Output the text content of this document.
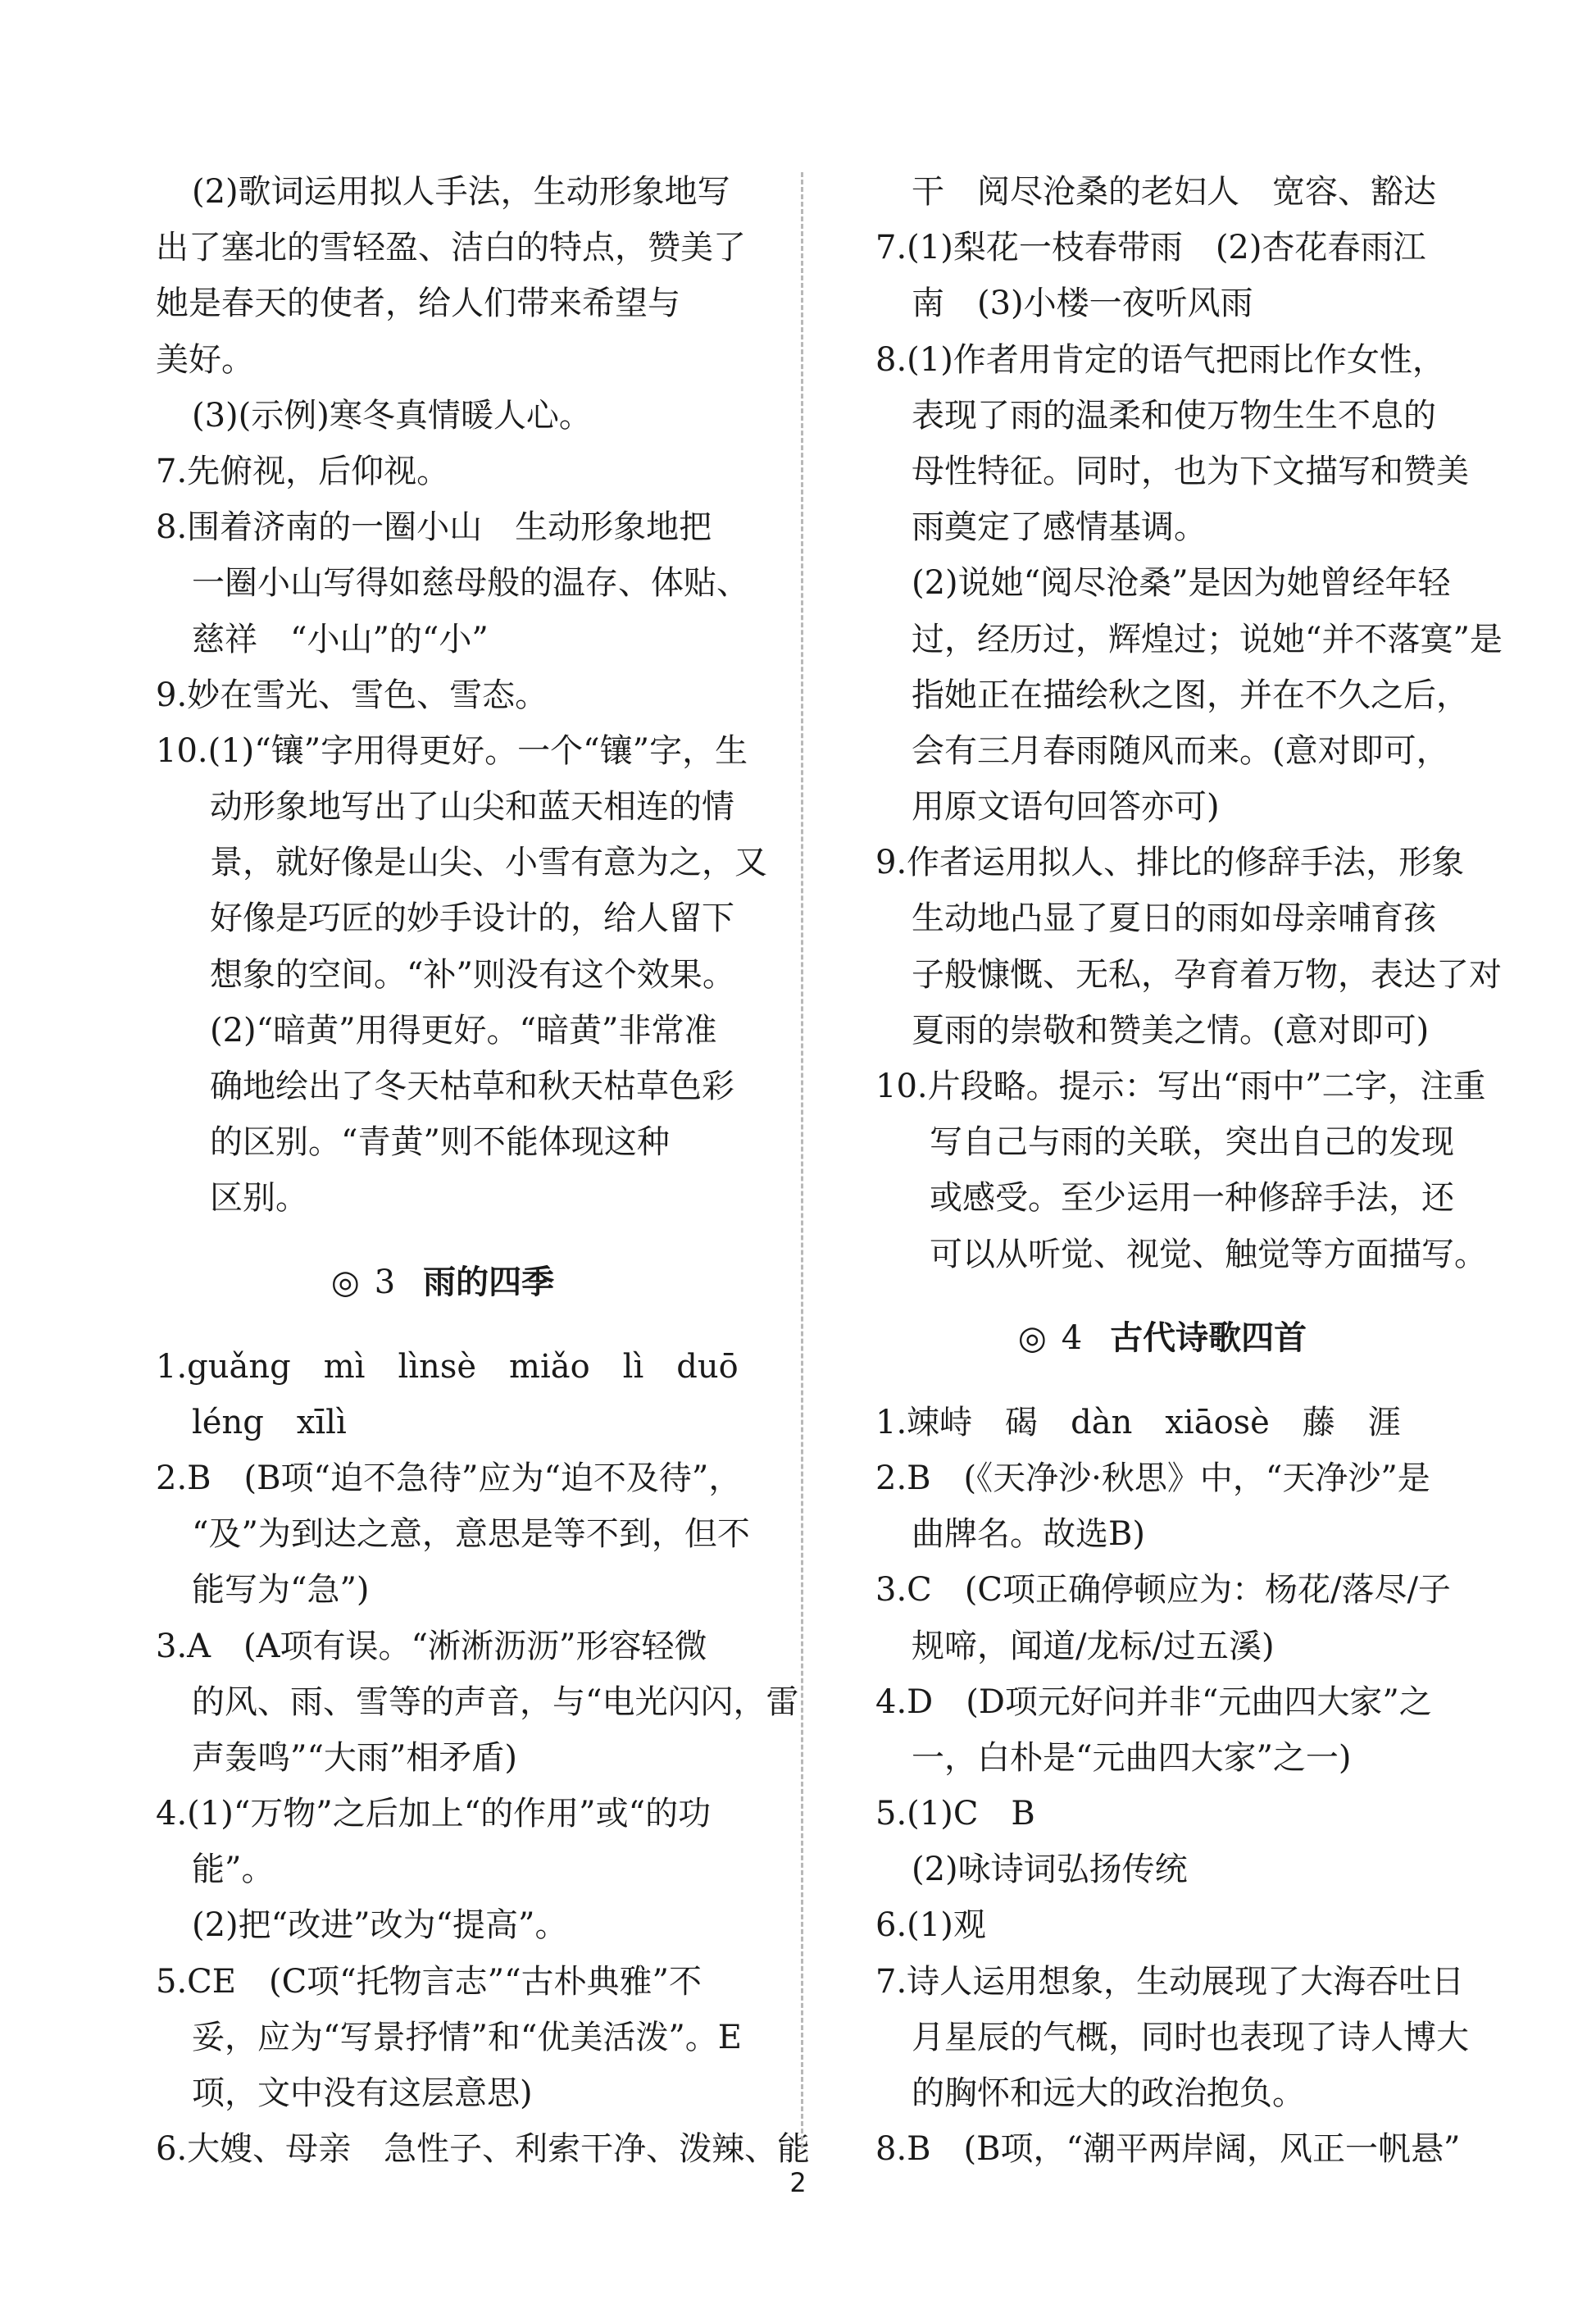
(2)歌词运用拟人手法，生动形象地写
出了塞北的雪轻盈、洁白的特点，赞美了
她是春天的使者，给人们带来希望与
美好。
(3)(示例)寒冬真情暖人心。
7.先俯视，后仰视。
8.围着济南的一圈小山　生动形象地把
一圈小山写得如慈母般的温存、体贴、
慈祥　“小山”的“小”
9.妙在雪光、雪色、雪态。
10.(1)“镶”字用得更好。一个“镶”字，生
动形象地写出了山尖和蓝天相连的情
景，就好像是山尖、小雪有意为之，又
好像是巧匠的妙手设计的，给人留下
想象的空间。“补”则没有这个效果。
(2)“暗黄”用得更好。“暗黄”非常准
确地绘出了冬天枯草和秋天枯草色彩
的区别。“青黄”则不能体现这种
区别。
◎ 3 雨的四季
1.guǎng　mì　lìnsè　miǎo　lì　duō
léng　xīlì
2.B　(B项“迫不急待”应为“迫不及待”，
“及”为到达之意，意思是等不到，但不
能写为“急”)
3.A　(A项有误。“淅淅沥沥”形容轻微
的风、雨、雪等的声音，与“电光闪闪，雷
声轰鸣”“大雨”相矛盾)
4.(1)“万物”之后加上“的作用”或“的功
能”。
(2)把“改进”改为“提高”。
5.CE　(C项“托物言志”“古朴典雅”不
妥，应为“写景抒情”和“优美活泼”。E
项，文中没有这层意思)
6.大嫂、母亲　急性子、利索干净、泼辣、能
干　阅尽沧桑的老妇人　宽容、豁达
7.(1)梨花一枝春带雨　(2)杏花春雨江
南　(3)小楼一夜听风雨
8.(1)作者用肯定的语气把雨比作女性，
表现了雨的温柔和使万物生生不息的
母性特征。同时，也为下文描写和赞美
雨奠定了感情基调。
(2)说她“阅尽沧桑”是因为她曾经年轻
过，经历过，辉煌过；说她“并不落寞”是
指她正在描绘秋之图，并在不久之后，
会有三月春雨随风而来。(意对即可，
用原文语句回答亦可)
9.作者运用拟人、排比的修辞手法，形象
生动地凸显了夏日的雨如母亲哺育孩
子般慷慨、无私，孕育着万物，表达了对
夏雨的崇敬和赞美之情。(意对即可)
10.片段略。提示：写出“雨中”二字，注重
写自己与雨的关联，突出自己的发现
或感受。至少运用一种修辞手法，还
可以从听觉、视觉、触觉等方面描写。
◎ 4 古代诗歌四首
1.竦峙　碣　dàn　xiāosè　藤　涯
2.B　(《天净沙·秋思》中，“天净沙”是
曲牌名。故选B)
3.C　(C项正确停顿应为：杨花/落尽/子
规啼，闻道/龙标/过五溪)
4.D　(D项元好问并非“元曲四大家”之
一，白朴是“元曲四大家”之一)
5.(1)C　B
(2)咏诗词弘扬传统
6.(1)观
7.诗人运用想象，生动展现了大海吞吐日
月星辰的气概，同时也表现了诗人博大
的胸怀和远大的政治抱负。
8.B　(B项，“潮平两岸阔，风正一帆悬”
2
